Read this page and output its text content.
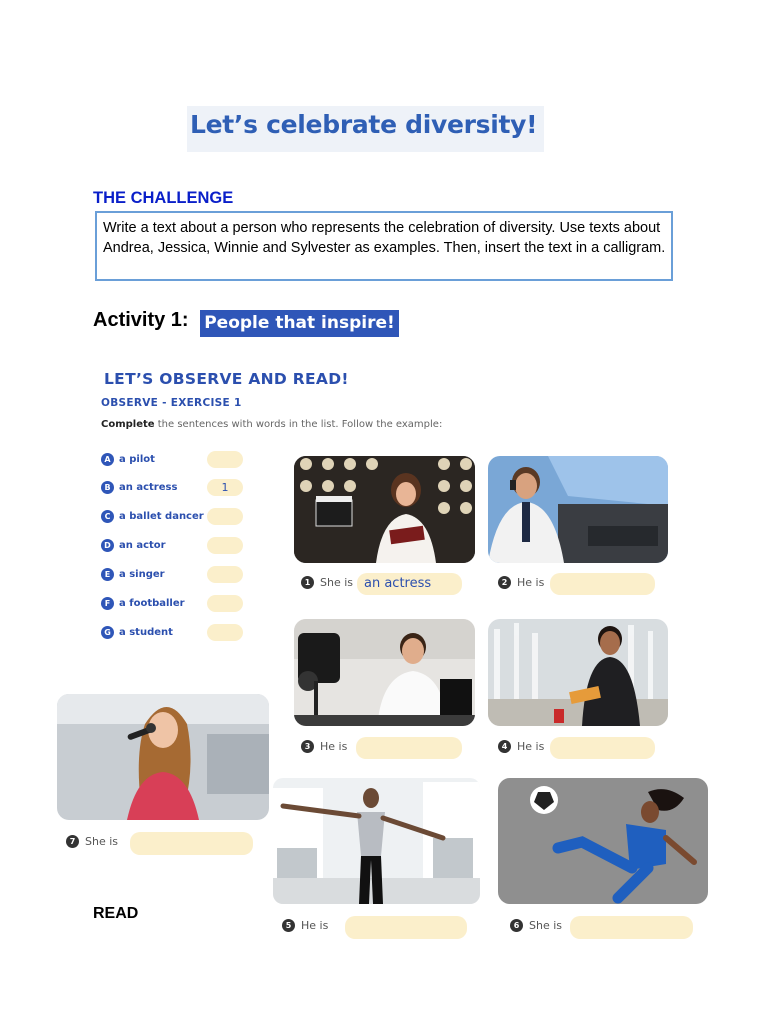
Let’s celebrate diversity!
THE CHALLENGE
Write a text about a person who represents the celebration of diversity. Use texts about Andrea, Jessica, Winnie and Sylvester as examples. Then, insert the text in a calligram.
Activity 1: People that inspire!
LET’S OBSERVE AND READ!
OBSERVE - EXERCISE 1
Complete the sentences with words in the list. Follow the example:
A a pilot
B an actress	1
C a ballet dancer
D an actor
E a singer
F a footballer
G a student
1 She is an actress	2 He is
3 He is	4 He is
7 She is
5 He is	6 She is
READ
